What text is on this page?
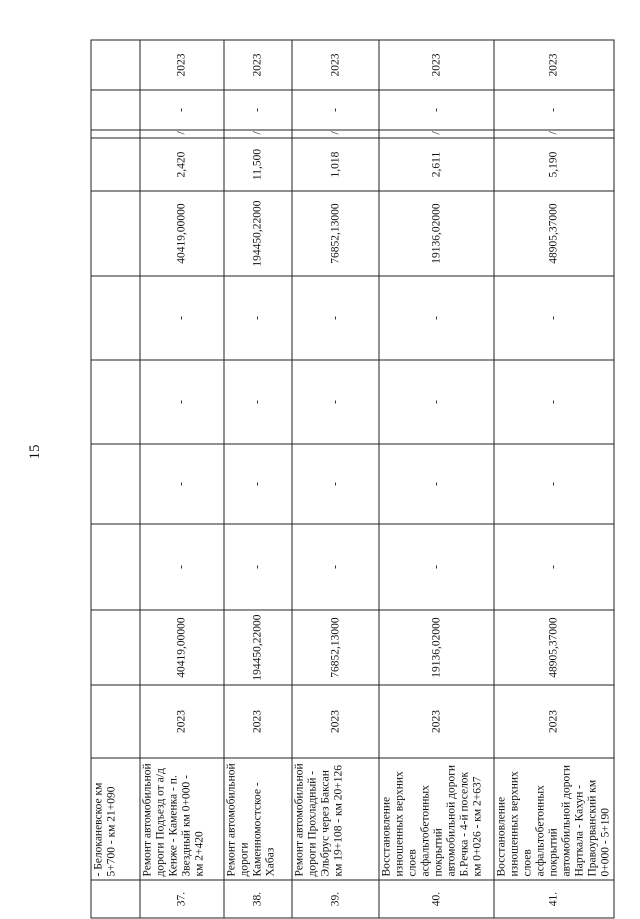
15
	- Белоканевское км 5+700 - км 21+090											
37.	Ремонт автомобильной дороги Подъезд от а/д Кенже - Каменка - п. Звездный км 0+000 - км 2+420	2023	40419,00000	-	-	-	-	40419,00000	2,420	/	-	2023
38.	Ремонт автомобильной дороги Каменномостское - Хабаз	2023	194450,22000	-	-	-	-	194450,22000	11,500	/	-	2023
39.	Ремонт автомобильной дороги Прохладный - Эльбрус через Баксан км 19+108 - км 20+126	2023	76852,13000	-	-	-	-	76852,13000	1,018	/	-	2023
40.	Восстановление изношенных верхних слоев асфальтобетонных покрытий автомобильной дороги Б.Речка - 4-й поселок км 0+026 - км 2+637	2023	19136,02000	-	-	-	-	19136,02000	2,611	/	-	2023
41.	Восстановление изношенных верхних слоев асфальтобетонных покрытий автомобильной дороги Нарткала - Кахун - Правоурванский км 0+000 - 5+190	2023	48905,37000	-	-	-	-	48905,37000	5,190	/	-	2023
